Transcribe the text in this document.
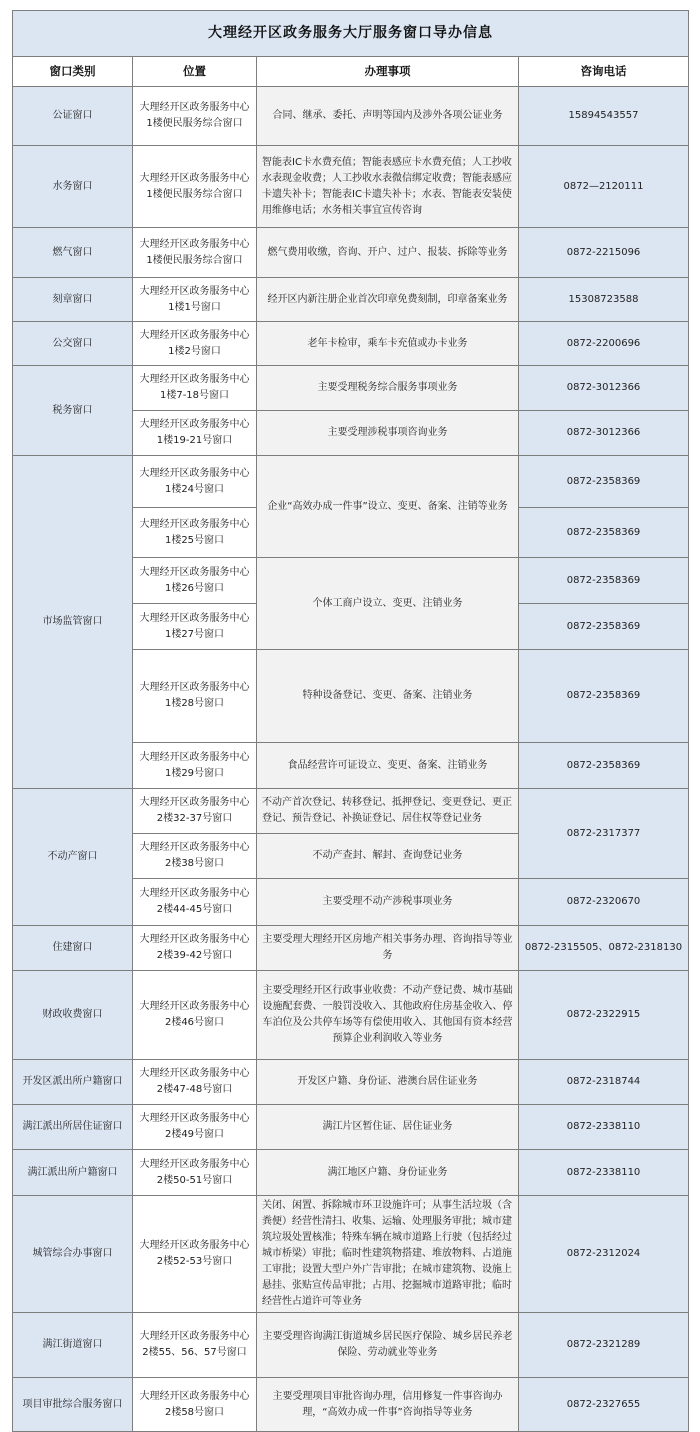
大理经开区政务服务大厅服务窗口导办信息			
窗口类别	位置	办理事项	咨询电话
公证窗口	大理经开区政务服务中心1楼便民服务综合窗口	合同、继承、委托、声明等国内及涉外各项公证业务	15894543557
水务窗口	大理经开区政务服务中心1楼便民服务综合窗口	智能表IC卡水费充值；智能表感应卡水费充值；人工抄收水表现金收费；人工抄收水表微信绑定收费；智能表感应卡遗失补卡；智能表IC卡遗失补卡；水表、智能表安装使用维修电话；水务相关事宜宣传咨询	0872—2120111
燃气窗口	大理经开区政务服务中心1楼便民服务综合窗口	燃气费用收缴，咨询、开户、过户、报装、拆除等业务	0872-2215096
刻章窗口	大理经开区政务服务中心1楼1号窗口	经开区内新注册企业首次印章免费刻制，印章备案业务	15308723588
公交窗口	大理经开区政务服务中心1楼2号窗口	老年卡检审，乘车卡充值或办卡业务	0872-2200696
税务窗口	大理经开区政务服务中心1楼7-18号窗口	主要受理税务综合服务事项业务	0872-3012366
	大理经开区政务服务中心1楼19-21号窗口	主要受理涉税事项咨询业务	0872-3012366
市场监管窗口	大理经开区政务服务中心1楼24号窗口	企业“高效办成一件事”设立、变更、备案、注销等业务	0872-2358369
	大理经开区政务服务中心1楼25号窗口		0872-2358369
	大理经开区政务服务中心1楼26号窗口	个体工商户设立、变更、注销业务	0872-2358369
	大理经开区政务服务中心1楼27号窗口		0872-2358369
	大理经开区政务服务中心1楼28号窗口	特种设备登记、变更、备案、注销业务	0872-2358369
	大理经开区政务服务中心1楼29号窗口	食品经营许可证设立、变更、备案、注销业务	0872-2358369
不动产窗口	大理经开区政务服务中心2楼32-37号窗口	不动产首次登记、转移登记、抵押登记、变更登记、更正登记、预告登记、补换证登记、居住权等登记业务	0872-2317377
	大理经开区政务服务中心2楼38号窗口	不动产查封、解封、查询登记业务	
	大理经开区政务服务中心2楼44-45号窗口	主要受理不动产涉税事项业务	0872-2320670
住建窗口	大理经开区政务服务中心2楼39-42号窗口	主要受理大理经开区房地产相关事务办理、咨询指导等业务	0872-2315505、0872-2318130
财政收费窗口	大理经开区政务服务中心2楼46号窗口	主要受理经开区行政事业收费：不动产登记费、城市基础设施配套费、一般罚没收入、其他政府住房基金收入、停车泊位及公共停车场等有偿使用收入、其他国有资本经营预算企业利润收入等业务	0872-2322915
开发区派出所户籍窗口	大理经开区政务服务中心2楼47-48号窗口	开发区户籍、身份证、港澳台居住证业务	0872-2318744
满江派出所居住证窗口	大理经开区政务服务中心2楼49号窗口	满江片区暂住证、居住证业务	0872-2338110
满江派出所户籍窗口	大理经开区政务服务中心2楼50-51号窗口	满江地区户籍、身份证业务	0872-2338110
城管综合办事窗口	大理经开区政务服务中心2楼52-53号窗口	关闭、闲置、拆除城市环卫设施许可；从事生活垃圾（含粪便）经营性清扫、收集、运输、处理服务审批；城市建筑垃圾处置核准；特殊车辆在城市道路上行驶（包括经过城市桥梁）审批；临时性建筑物搭建、堆放物料、占道施工审批；设置大型户外广告审批；在城市建筑物、设施上悬挂、张贴宣传品审批；占用、挖掘城市道路审批；临时经营性占道许可等业务	0872-2312024
满江街道窗口	大理经开区政务服务中心2楼55、56、57号窗口	主要受理咨询满江街道城乡居民医疗保险、城乡居民养老保险、劳动就业等业务	0872-2321289
项目审批综合服务窗口	大理经开区政务服务中心2楼58号窗口	主要受理项目审批咨询办理，信用修复一件事咨询办理，“高效办成一件事”咨询指导等业务	0872-2327655
